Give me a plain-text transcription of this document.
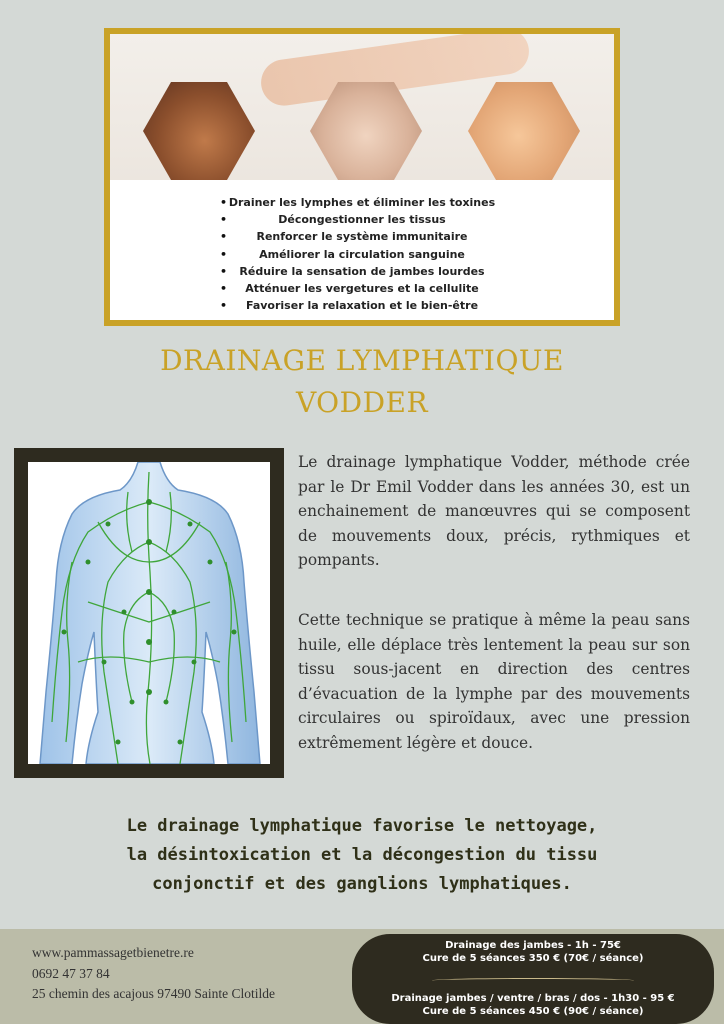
• Drainer les lymphes et éliminer les toxines
•	Décongestionner les tissus
•	Renforcer le système immunitaire
•	Améliorer la circulation sanguine
• Réduire la sensation de jambes lourdes
• Atténuer les vergetures et la cellulite
• Favoriser la relaxation et le bien-être
DRAINAGE LYMPHATIQUE
VODDER
Le drainage lymphatique Vodder, méthode crée par le Dr Emil Vodder dans les années 30, est un enchainement de manœuvres qui se composent de mouvements doux, précis, rythmiques et pompants.
Cette technique se pratique à même la peau sans huile, elle déplace très lentement la peau sur son tissu sous-jacent en direction des centres d’évacuation de la lymphe par des mouvements circulaires ou spiroïdaux, avec une pression extrêmement légère et douce.
Le drainage lymphatique favorise le nettoyage,
la désintoxication et la décongestion du tissu
conjonctif et des ganglions lymphatiques.
www.pammassagetbienetre.re
0692 47 37 84
25 chemin des acajous 97490 Sainte Clotilde
Drainage des jambes - 1h - 75€
Cure de 5 séances 350 € (70€ / séance)
Drainage jambes / ventre / bras / dos - 1h30 - 95 €
Cure de 5 séances 450 € (90€ / séance)
